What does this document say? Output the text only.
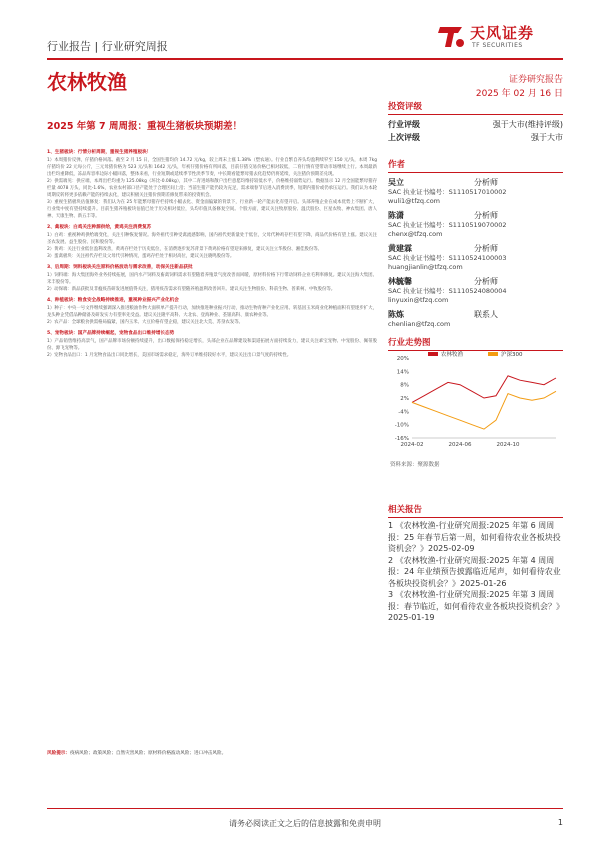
天风证券
TF SECURITIES
行业报告 | 行业研究周报
农林牧渔	证券研究报告
2025 年 02 月 16 日
2025 年第 7 周周报：重视生猪板块预期差！
1、生猪板块：行情分析周期，重视生猪养殖板块！
1）本周猪价反弹，仔猪价格回落。截至 2 月 15 日，全国生猪均价 14.72 元/kg，较上周末上涨 1.38%（塑农通）。行业自繁自养头均盈利续窄至 150 元/头，本周 7kg 仔猪均价 22 元每公斤，三元母猪价格为 523 元/头和 1642 元/头，年初仔猪价格有所回落，目前仔猪交易价格已相对较低，二育行情有望带动市场继续上行。本周最新出栏均重降低，冻品库容率边际小幅回落，整体来看，行业短期或延续季节性淡季节奏，中长期看能繁母猪去化趋势仍将延续，关注猪价预期差兑现。
2）供需端见：供应端，本周出栏均重为 125.08kg（环比-0.08kg），其中二育进场和散户出栏意愿均维持较低水平，价格维持弱势运行。数据显示 12 月全国能繁母猪存栏量 4078 万头，同比-1.6%，农业农村部口径产能处于合理区间上沿；当前生猪产能仍较为充足，需求端春节后进入消费淡季，短期内猪价或仍承压运行。我们认为本轮周期反转将更多依赖产能的持续去化，建议积极关注猪价预期差修复带来的投资机会。
3）重视生猪板块估值修复：我们认为在 25 年能繁母猪存栏持续小幅去化、资金面偏紧的背景下，行业新一轮产能去化有望开启。头部养殖企业在成本优势上不断扩大，行业集中度有望持续提升。目前生猪养殖板块估值已处于历史相对低位，头均市值具备修复空间。个股方面，建议关注牧原股份、温氏股份、巨星农牧、神农集团、唐人神、天康生物、新五丰等。
2、禽板块：白鸡关注种源供给，黄鸡关注消费复苏
1）白鸡：重视种鸡供给端变化，关注引种恢复情况。海外祖代引种受禽流感影响，国内祖代更新量处于低位，父母代种鸡存栏有望下降，商品代价格有望上涨。建议关注圣农发展、益生股份、民和股份等。
2）黄鸡：关注行业低位盈利改善，黄鸡存栏处于历史低位，在消费逐步复苏背景下黄鸡价格有望迎来修复，建议关注立华股份、湘佳股份等。
3）蛋禽板块：关注祖代存栏及父母代引种情况，蛋鸡存栏处于相对高位，建议关注晓鸣股份等。
3、后周期：饲料板块关注原料价格波动与需求改善，动保关注新品获批
1）饲料端：海大集团海外业务持续拓展，国内水产饲料及畜禽饲料需求有望随着养殖景气度改善而回暖，原材料价格下行带动饲料企业毛利率修复。建议关注海大集团、禾丰股份等。
2）动保端：新品获批及非瘟疫苗研发进展值得关注，猪用疫苗需求有望随养殖盈利改善回升。建议关注生物股份、科前生物、普莱柯、中牧股份等。
4、种植板块：粮食安全战略持续推进，重视种业振兴产业化机会
1）种子：中央一号文件继续强调深入推进粮油作物大面积单产提升行动，加快推进种业振兴行动，推动生物育种产业化应用。转基因玉米商业化种植面积有望逐步扩大，龙头种企凭借品种储备及研发实力有望率先受益。建议关注隆平高科、大北农、登海种业、荃银高科、康农种业等。
2）农产品：全球粮食供需格局偏紧，国内玉米、大豆价格有望企稳，建议关注北大荒、苏垦农发等。
5、宠物板块：国产品牌持续崛起，宠物食品出口维持增长态势
1）产品销售维持高景气，国产品牌市场份额持续提升，出口数据保持稳定增长，头部企业在品牌建设和渠道拓展方面持续发力，建议关注乖宝宠物、中宠股份、佩蒂股份、源飞宠物等。
2）宠物食品出口：1 月宠物食品出口同比增长，美国市场需求稳定，海外订单维持较好水平，建议关注出口景气度的持续性。
风险提示：疫病风险；政策风险；自然灾害风险；原材料价格波动风险；进口冲击风险。
投资评级
行业评级	强于大市(维持评级)
上次评级	强于大市
作者
吴立	分析师
SAC 执业证书编号：S1110517010002
wuli1@tfzq.com
陈潇	分析师
SAC 执业证书编号：S1110519070002
chenx@tfzq.com
黄建霖	分析师
SAC 执业证书编号：S1110524100003
huangjianlin@tfzq.com
林毓馨	分析师
SAC 执业证书编号：S1110524080004
linyuxin@tfzq.com
陈炼	联系人
chenlian@tfzq.com
行业走势图
20%
14%
8%
2%
-4%
-10%
-16%
2024-02	2024-06	2024-10
农林牧渔	沪深300
资料来源：聚源数据
相关报告
1 《农林牧渔-行业研究周报:2025 年第 6 周周报：25 年春节后第一周，如何看待农业各板块投资机会？》2025-02-09
2 《农林牧渔-行业研究周报:2025 年第 4 周周报：24 年业绩预告披露临近尾声，如何看待农业各板块投资机会？》2025-01-26
3 《农林牧渔-行业研究周报:2025 年第 3 周周报：春节临近，如何看待农业各板块投资机会？》2025-01-19
请务必阅读正文之后的信息披露和免责申明	1
